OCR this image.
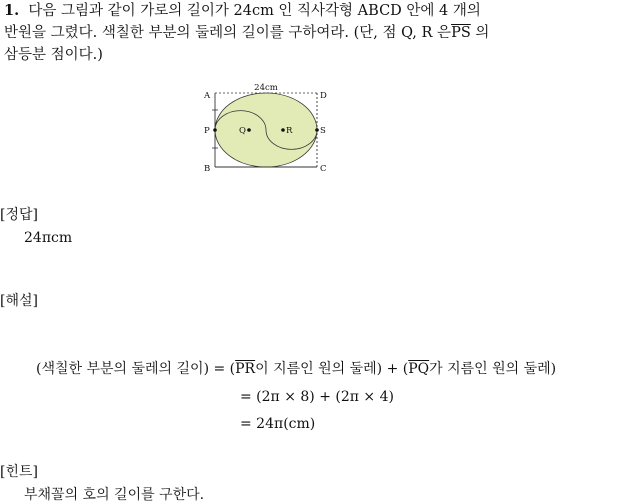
1. 다음 그림과 같이 가로의 길이가 24cm 인 직사각형 ABCD 안에 4 개의
반원을 그렸다. 색칠한 부분의 둘레의 길이를 구하여라. (단, 점 Q, R 은$\overline{PS}$ 의
삼등분 점이다.)
24cm
A	D
P	Q	R	S
B	C
[정답]
24πcm
[해설]
(색칠한 부분의 둘레의 길이) = ($\overline{PR}$이 지름인 원의 둘레) + ($\overline{PQ}$가 지름인 원의 둘레)
= (2π × 8) + (2π × 4)
= 24π(cm)
[힌트]
부채꼴의 호의 길이를 구한다.
